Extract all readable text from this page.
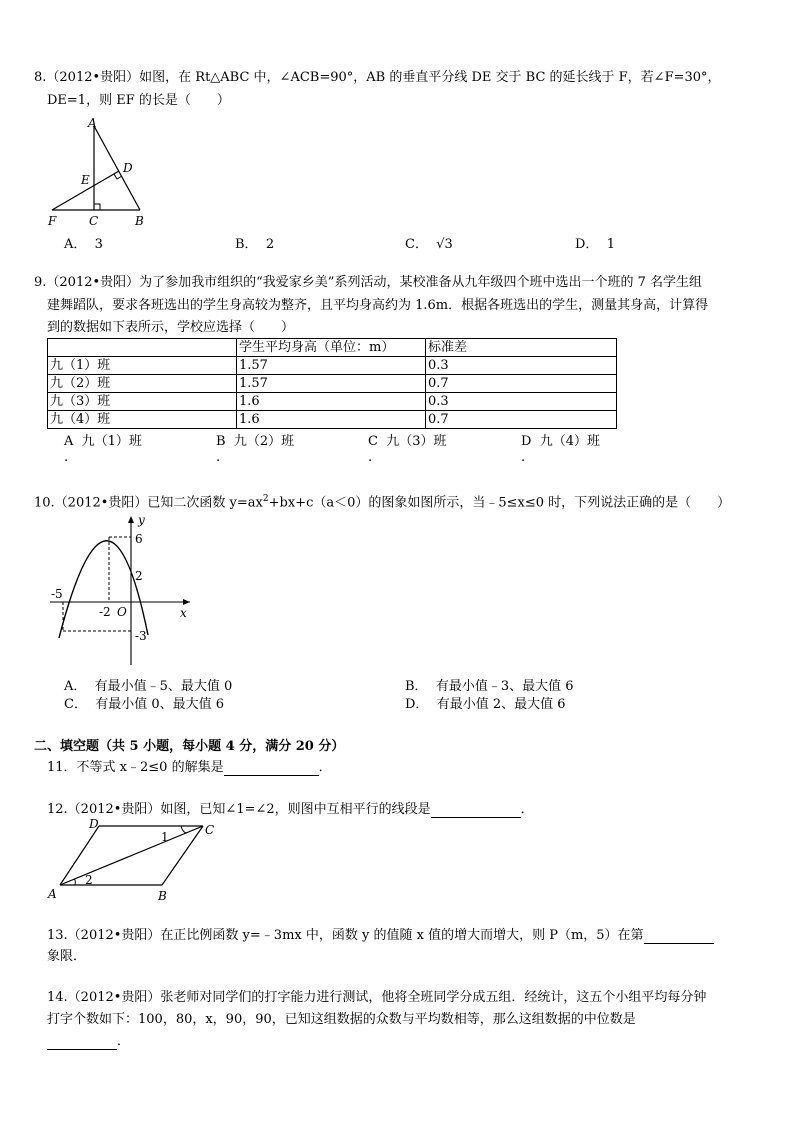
8.（2012•贵阳）如图，在 Rt△ABC 中，∠ACB=90°，AB 的垂直平分线 DE 交于 BC 的延长线于 F，若∠F=30°，
DE=1，则 EF 的长是（　　）
A
D
E
F	C	B
A． 3	B． 2	C． √3	D． 1
9.（2012•贵阳）为了参加我市组织的“我爱家乡美”系列活动，某校准备从九年级四个班中选出一个班的 7 名学生组
建舞蹈队，要求各班选出的学生身高较为整齐，且平均身高约为 1.6m．根据各班选出的学生，测量其身高，计算得
到的数据如下表所示，学校应选择（　　）
	学生平均身高（单位：m）	标准差
九（1）班	1.57	0.3
九（2）班	1.57	0.7
九（3）班	1.6	0.3
九（4）班	1.6	0.7
A 九（1）班	B 九（2）班	C 九（3）班	D 九（4）班
.	.	.	.
10.（2012•贵阳）已知二次函数 $y=ax^2+bx+c(a<0)$的图象如图所示，当﹣5≤x≤0 时，下列说法正确的是（　　）
y
x
6
2
O
-5
-2
-3
A． 有最小值﹣5、最大值 0	B． 有最小值﹣3、最大值 6
C． 有最小值 0、最大值 6	D． 有最小值 2、最大值 6
二、填空题（共 5 小题，每小题 4 分，满分 20 分）
11．不等式 x﹣2≤0 的解集是	．
12.（2012•贵阳）如图，已知∠1=∠2，则图中互相平行的线段是	．
D	C
A	B
1
2
13.（2012•贵阳）在正比例函数 y=﹣3mx 中，函数 y 的值随 x 值的增大而增大，则 P（m，5）在第
象限．
14.（2012•贵阳）张老师对同学们的打字能力进行测试，他将全班同学分成五组．经统计，这五个小组平均每分钟
打字个数如下：100，80，x，90，90，已知这组数据的众数与平均数相等，那么这组数据的中位数是
．
